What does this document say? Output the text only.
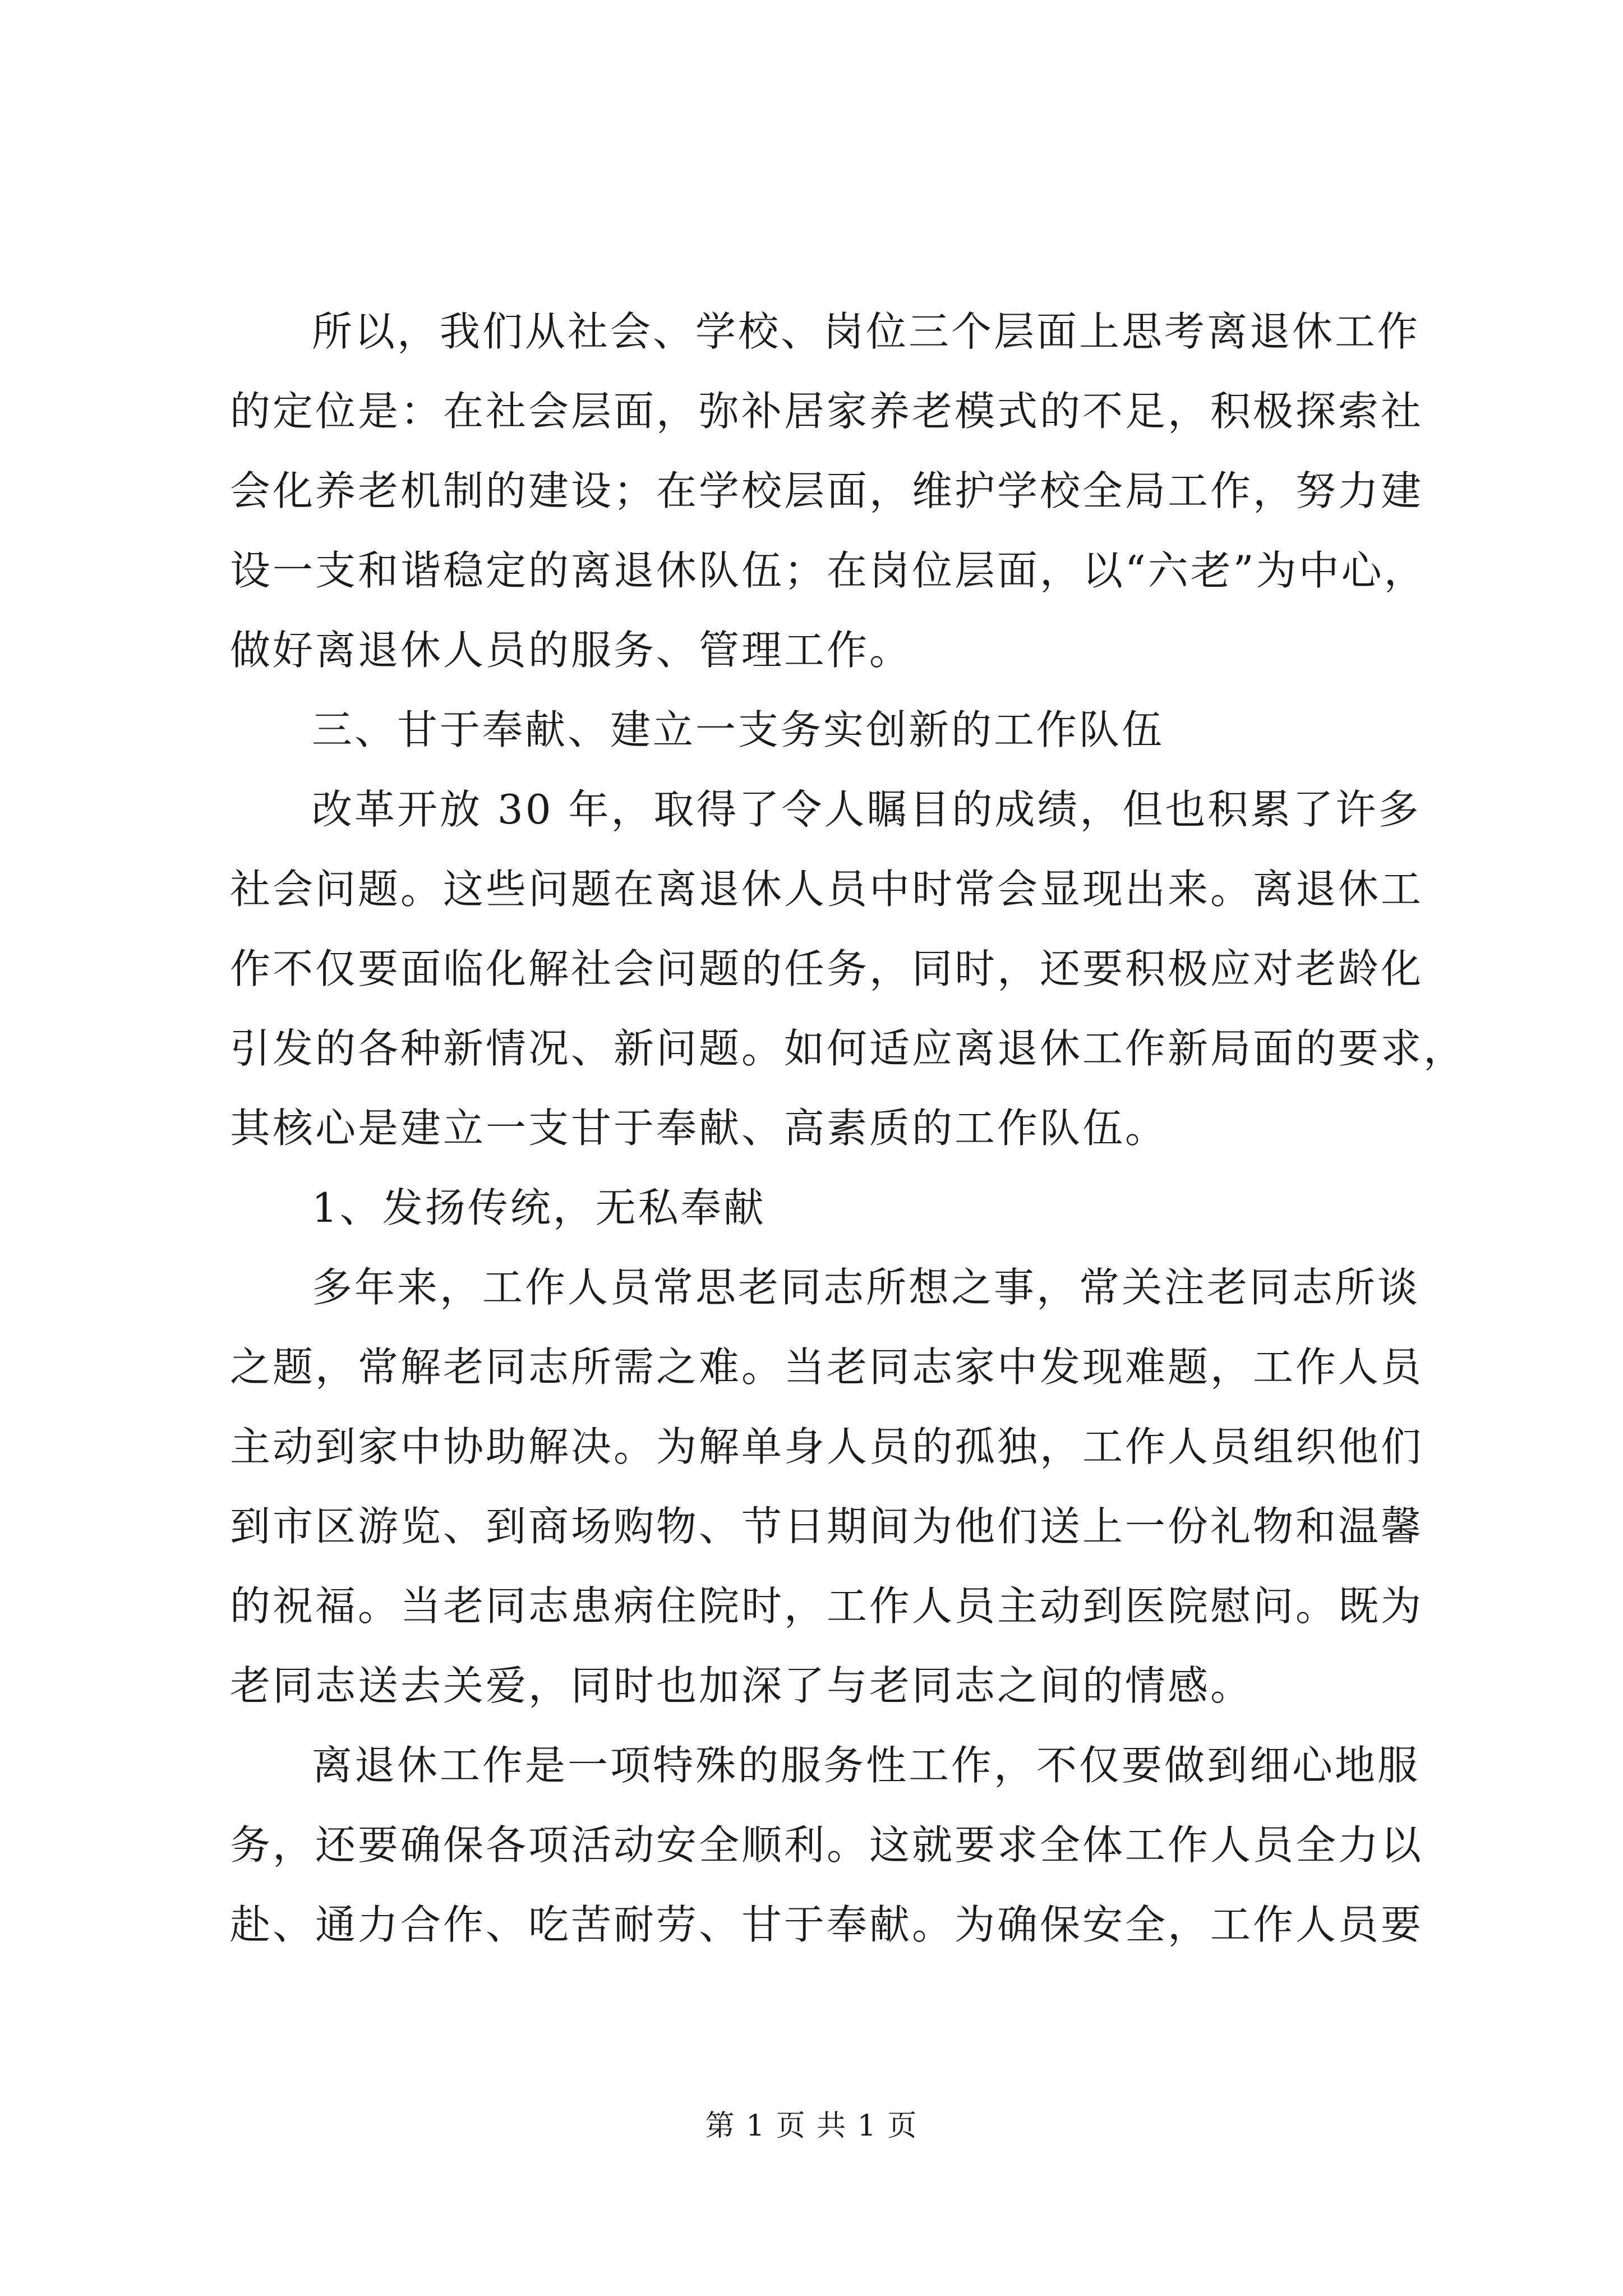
所以，我们从社会、学校、岗位三个层面上思考离退休工作
的定位是：在社会层面，弥补居家养老模式的不足，积极探索社
会化养老机制的建设；在学校层面，维护学校全局工作，努力建
设一支和谐稳定的离退休队伍；在岗位层面，以“六老”为中心，
做好离退休人员的服务、管理工作。
三、甘于奉献、建立一支务实创新的工作队伍
改革开放 30 年，取得了令人瞩目的成绩，但也积累了许多
社会问题。这些问题在离退休人员中时常会显现出来。离退休工
作不仅要面临化解社会问题的任务，同时，还要积极应对老龄化
引发的各种新情况、新问题。如何适应离退休工作新局面的要求，
其核心是建立一支甘于奉献、高素质的工作队伍。
1、发扬传统，无私奉献
多年来，工作人员常思老同志所想之事，常关注老同志所谈
之题，常解老同志所需之难。当老同志家中发现难题，工作人员
主动到家中协助解决。为解单身人员的孤独，工作人员组织他们
到市区游览、到商场购物、节日期间为他们送上一份礼物和温馨
的祝福。当老同志患病住院时，工作人员主动到医院慰问。既为
老同志送去关爱，同时也加深了与老同志之间的情感。
离退休工作是一项特殊的服务性工作，不仅要做到细心地服
务，还要确保各项活动安全顺利。这就要求全体工作人员全力以
赴、通力合作、吃苦耐劳、甘于奉献。为确保安全，工作人员要
第 1 页 共 1 页
